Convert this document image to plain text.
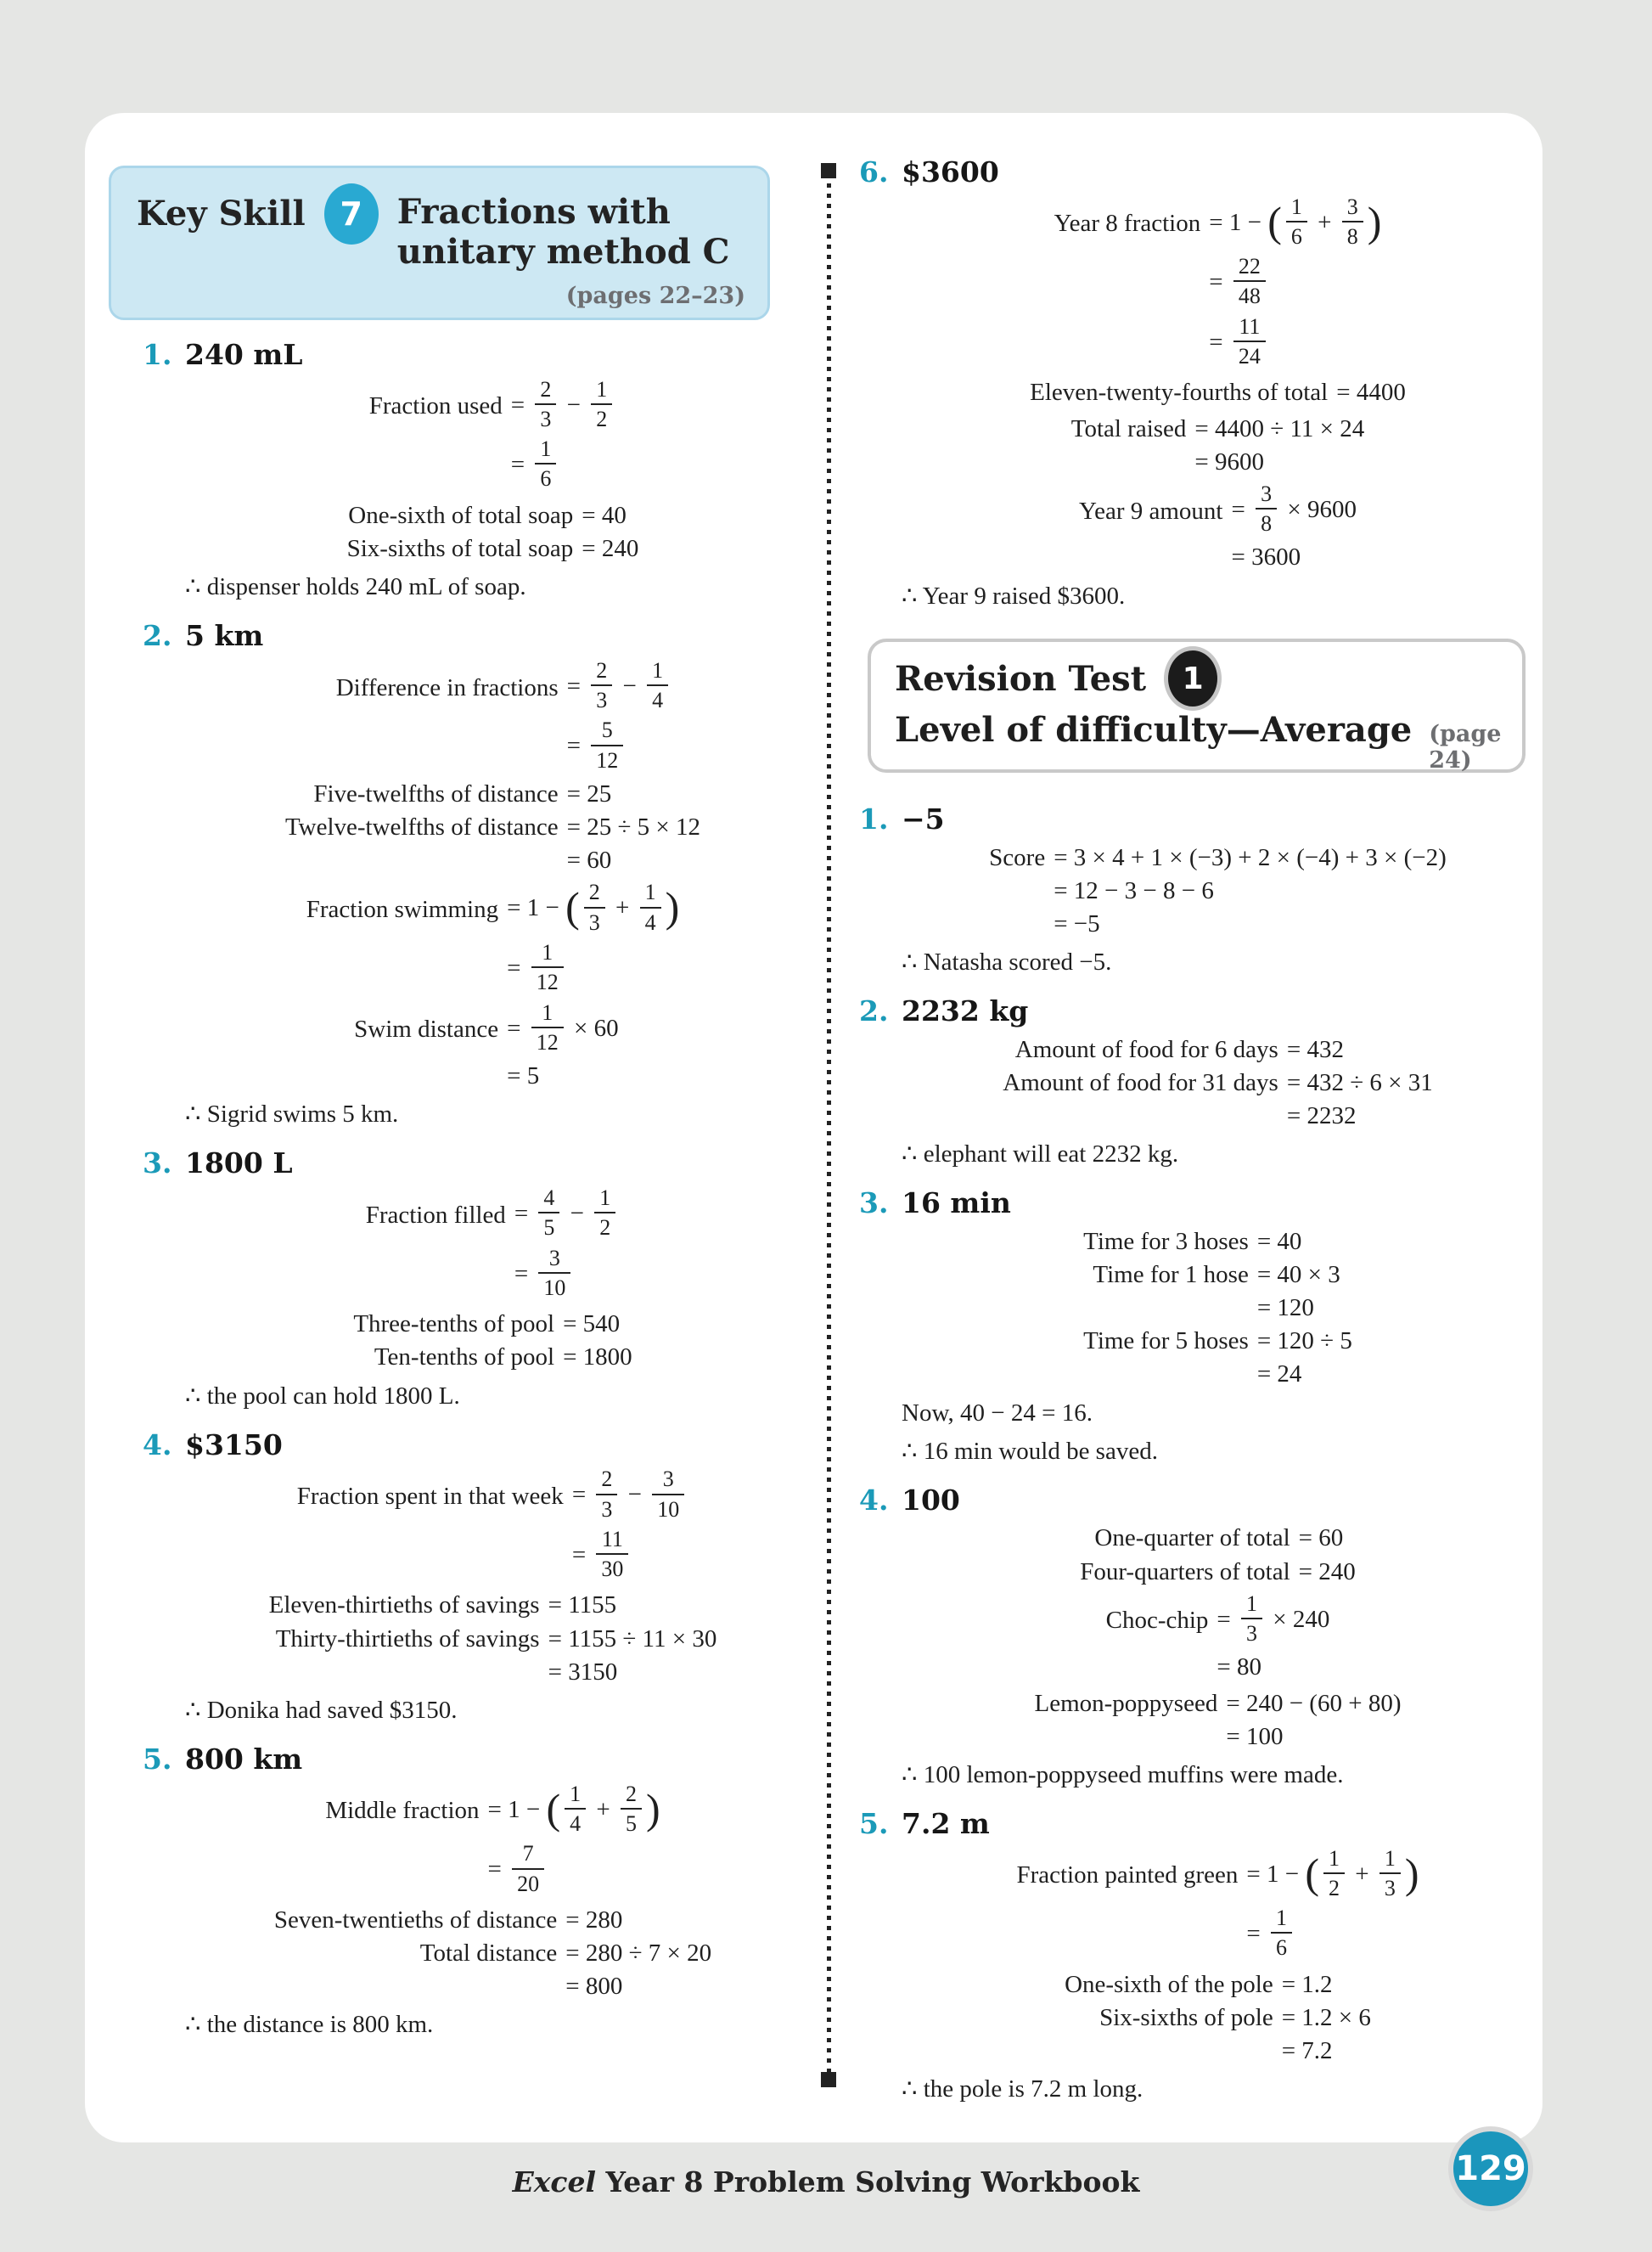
Key Skill	7	Fractions with
unitary method C
(pages 22–23)
1. 240 mL
Fraction used = $\frac{2}{3} - \frac{1}{2}$
= $\frac{1}{6}$
One-sixth of total soap = 40
Six-sixths of total soap = 240
∴ dispenser holds 240 mL of soap.
2. 5 km
Difference in fractions = $\frac{2}{3} - \frac{1}{4}$
= $\frac{5}{12}$
Five-twelfths of distance = 25
Twelve-twelfths of distance = 25 ÷ 5 × 12
= 60
Fraction swimming = 1 − ( $\frac{2}{3} + \frac{1}{4}$ )
= $\frac{1}{12}$
Swim distance = $\frac{1}{12} \times 60$
= 5
∴ Sigrid swims 5 km.
3. 1800 L
Fraction filled = $\frac{4}{5} - \frac{1}{2}$
= $\frac{3}{10}$
Three-tenths of pool = 540
Ten-tenths of pool = 1800
∴ the pool can hold 1800 L.
4. $3150
Fraction spent in that week = $\frac{2}{3} - \frac{3}{10}$
= $\frac{11}{30}$
Eleven-thirtieths of savings = 1155
Thirty-thirtieths of savings = 1155 ÷ 11 × 30
= 3150
∴ Donika had saved $3150.
5. 800 km
Middle fraction = 1 − ( $\frac{1}{4} + \frac{2}{5}$ )
= $\frac{7}{20}$
Seven-twentieths of distance = 280
Total distance = 280 ÷ 7 × 20
= 800
∴ the distance is 800 km.
6. $3600
Year 8 fraction = 1 − ( $\frac{1}{6} + \frac{3}{8}$ )
= $\frac{22}{48}$
= $\frac{11}{24}$
Eleven-twenty-fourths of total = 4400
Total raised = 4400 ÷ 11 × 24
= 9600
Year 9 amount = $\frac{3}{8} \times 9600$
= 3600
∴ Year 9 raised $3600.
Revision Test	1
Level of difficulty—Average (page 24)
1. −5
Score = 3 × 4 + 1 × (−3) + 2 × (−4) + 3 × (−2)
= 12 − 3 − 8 − 6
= −5
∴ Natasha scored −5.
2. 2232 kg
Amount of food for 6 days = 432
Amount of food for 31 days = 432 ÷ 6 × 31
= 2232
∴ elephant will eat 2232 kg.
3. 16 min
Time for 3 hoses = 40
Time for 1 hose = 40 × 3
= 120
Time for 5 hoses = 120 ÷ 5
= 24
Now, 40 − 24 = 16.
∴ 16 min would be saved.
4. 100
One-quarter of total = 60
Four-quarters of total = 240
Choc-chip = $\frac{1}{3} \times 240$
= 80
Lemon-poppyseed = 240 − (60 + 80)
= 100
∴ 100 lemon-poppyseed muffins were made.
5. 7.2 m
Fraction painted green = 1 − ( $\frac{1}{2} + \frac{1}{3}$ )
= $\frac{1}{6}$
One-sixth of the pole = 1.2
Six-sixths of pole = 1.2 × 6
= 7.2
∴ the pole is 7.2 m long.
Excel Year 8 Problem Solving Workbook	129
